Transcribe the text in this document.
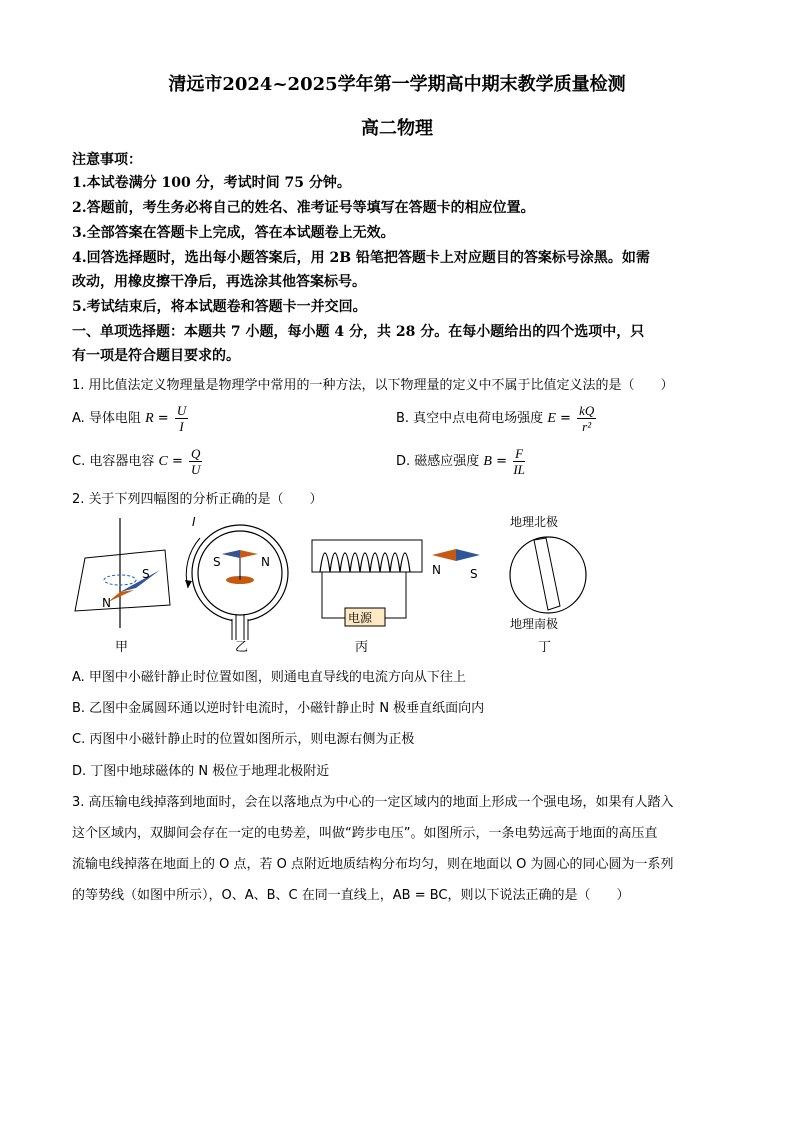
清远市2024~2025学年第一学期高中期末教学质量检测
高二物理
注意事项：
1.本试卷满分 100 分，考试时间 75 分钟。
2.答题前，考生务必将自己的姓名、准考证号等填写在答题卡的相应位置。
3.全部答案在答题卡上完成，答在本试题卷上无效。
4.回答选择题时，选出每小题答案后，用 2B 铅笔把答题卡上对应题目的答案标号涂黑。如需
改动，用橡皮擦干净后，再选涂其他答案标号。
5.考试结束后，将本试题卷和答题卡一并交回。
一、单项选择题：本题共 7 小题，每小题 4 分，共 28 分。在每小题给出的四个选项中，只
有一项是符合题目要求的。
1. 用比值法定义物理量是物理学中常用的一种方法，以下物理量的定义中不属于比值定义法的是（　　）
A. 导体电阻 $R = \frac{U}{I}$	B. 真空中点电荷电场强度 $E = \frac{kQ}{\text{r²}}$
C. 电容器电容 $C = \frac{Q}{U}$	D. 磁感应强度 $B = \frac{F}{IL}$
2. 关于下列四幅图的分析正确的是（　　）
S
N
甲
I
S	N
乙
电源
N S
丙
地理北极
地理南极
丁
A. 甲图中小磁针静止时位置如图，则通电直导线的电流方向从下往上
B. 乙图中金属圆环通以逆时针电流时，小磁针静止时 N 极垂直纸面向内
C. 丙图中小磁针静止时的位置如图所示，则电源右侧为正极
D. 丁图中地球磁体的 N 极位于地理北极附近
3. 高压输电线掉落到地面时，会在以落地点为中心的一定区域内的地面上形成一个强电场，如果有人踏入
这个区域内，双脚间会存在一定的电势差，叫做“跨步电压”。如图所示，一条电势远高于地面的高压直
流输电线掉落在地面上的 O 点，若 O 点附近地质结构分布均匀，则在地面以 O 为圆心的同心圆为一系列
的等势线（如图中所示），O、A、B、C 在同一直线上，AB = BC，则以下说法正确的是（　　）
